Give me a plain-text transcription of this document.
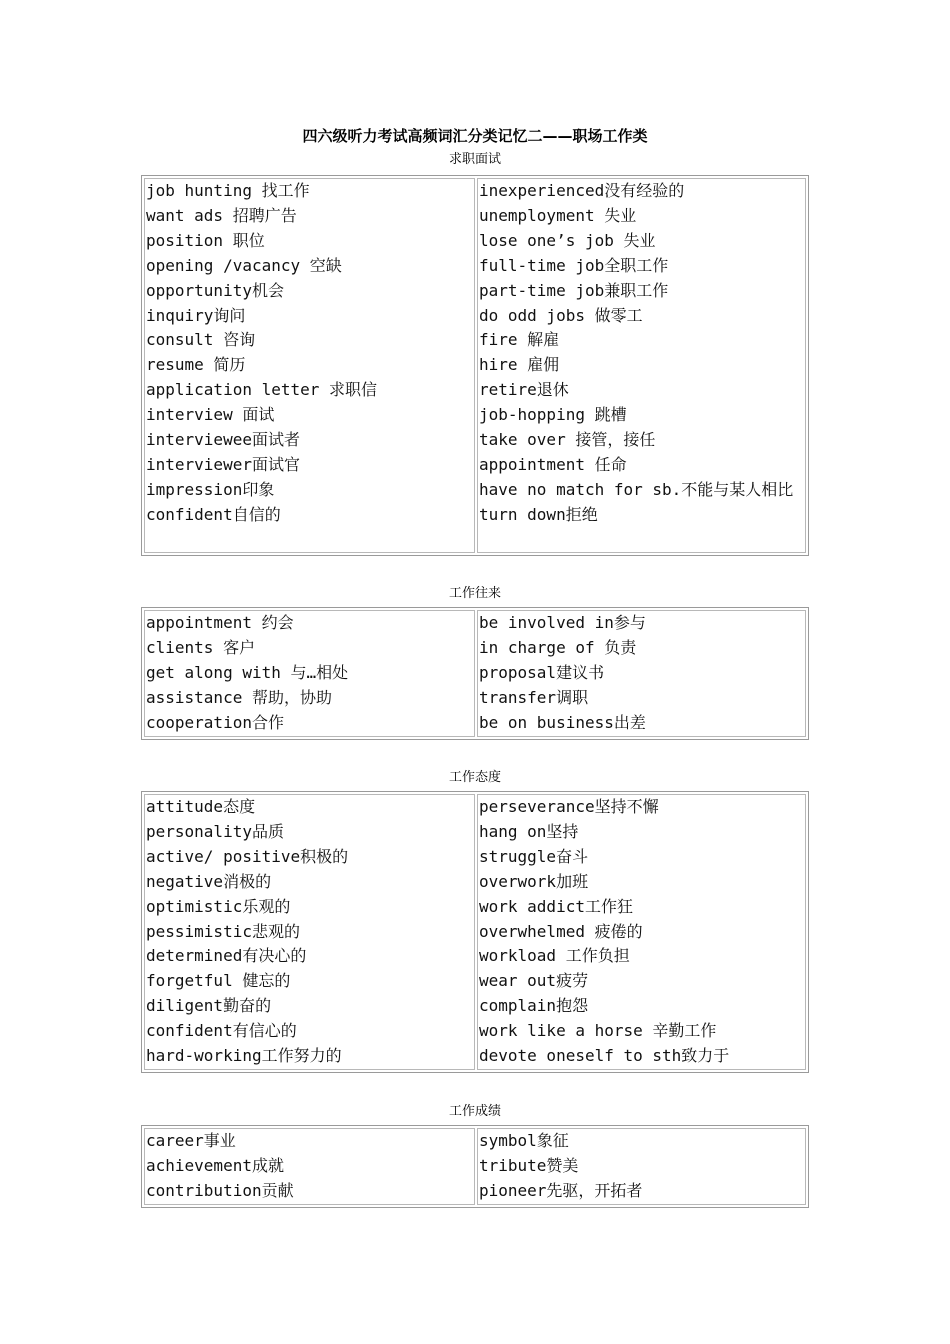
四六级听力考试高频词汇分类记忆二——职场工作类
求职面试
job hunting 找工作
want ads 招聘广告
position 职位
opening /vacancy 空缺
opportunity机会
inquiry询问
consult 咨询
resume 简历
application letter 求职信
interview 面试
interviewee面试者
interviewer面试官
impression印象
confident自信的
inexperienced没有经验的
unemployment 失业
lose one’s job 失业
full-time job全职工作
part-time job兼职工作
do odd jobs 做零工
fire 解雇
hire 雇佣
retire退休
job-hopping 跳槽
take over 接管，接任
appointment 任命
have no match for sb.不能与某人相比
turn down拒绝
工作往来
appointment 约会
clients 客户
get along with 与…相处
assistance 帮助，协助
cooperation合作
be involved in参与
in charge of 负责
proposal建议书
transfer调职
be on business出差
工作态度
attitude态度
personality品质
active/ positive积极的
negative消极的
optimistic乐观的
pessimistic悲观的
determined有决心的
forgetful 健忘的
diligent勤奋的
confident有信心的
hard-working工作努力的
perseverance坚持不懈
hang on坚持
struggle奋斗
overwork加班
work addict工作狂
overwhelmed 疲倦的
workload 工作负担
wear out疲劳
complain抱怨
work like a horse 辛勤工作
devote oneself to sth致力于
工作成绩
career事业
achievement成就
contribution贡献
symbol象征
tribute赞美
pioneer先驱，开拓者
